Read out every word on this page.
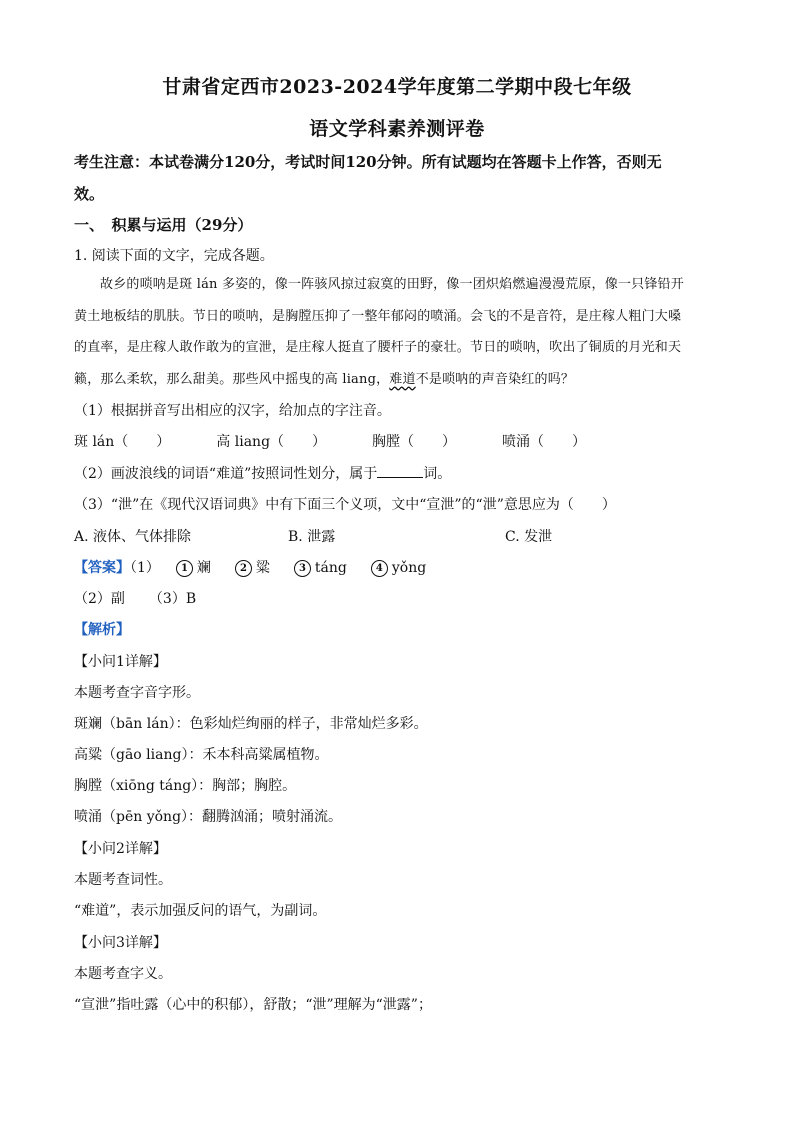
甘肃省定西市2023-2024学年度第二学期中段七年级
语文学科素养测评卷
考生注意：本试卷满分120分，考试时间120分钟。所有试题均在答题卡上作答，否则无
效。
一、　积累与运用（29分）
1. 阅读下面的文字，完成各题。
故乡的唢呐是斑 lán 多姿的，像一阵骇风掠过寂寞的田野，像一团炽焰燃遍漫漫荒原，像一只锋铅开
黄土地板结的肌肤。节日的唢呐，是胸膛压抑了一整年郁闷的喷涌。会飞的不是音符，是庄稼人粗门大嗓
的直率，是庄稼人敢作敢为的宣泄，是庄稼人挺直了腰杆子的豪壮。节日的唢呐，吹出了铜质的月光和天
籁，那么柔软，那么甜美。那些风中摇曳的高 liang，难道不是唢呐的声音染红的吗？
（1）根据拼音写出相应的汉字，给加点的字注音。
斑 lán（　　）	高 liang（　　）	胸膛（　　）	喷涌（　　）
（2）画波浪线的词语“难道”按照词性划分，属于	词。
（3）“泄”在《现代汉语词典》中有下面三个义项，文中“宣泄”的“泄”意思应为（　　）
A. 液体、气体排除	B. 泄露	C. 发泄
【答案】（1） 1 斓	2 粱	3 táng	4 yǒng
（2）副 （3）B
【解析】
【小问1详解】
本题考查字音字形。
斑斓（bān lán）：色彩灿烂绚丽的样子，非常灿烂多彩。
高粱（gāo liang）：禾本科高粱属植物。
胸膛（xiōng táng）：胸部；胸腔。
喷涌（pēn yǒng）：翻腾汹涌；喷射涌流。
【小问2详解】
本题考查词性。
“难道”，表示加强反问的语气，为副词。
【小问3详解】
本题考查字义。
“宣泄”指吐露（心中的积郁），舒散；“泄”理解为“泄露”；
